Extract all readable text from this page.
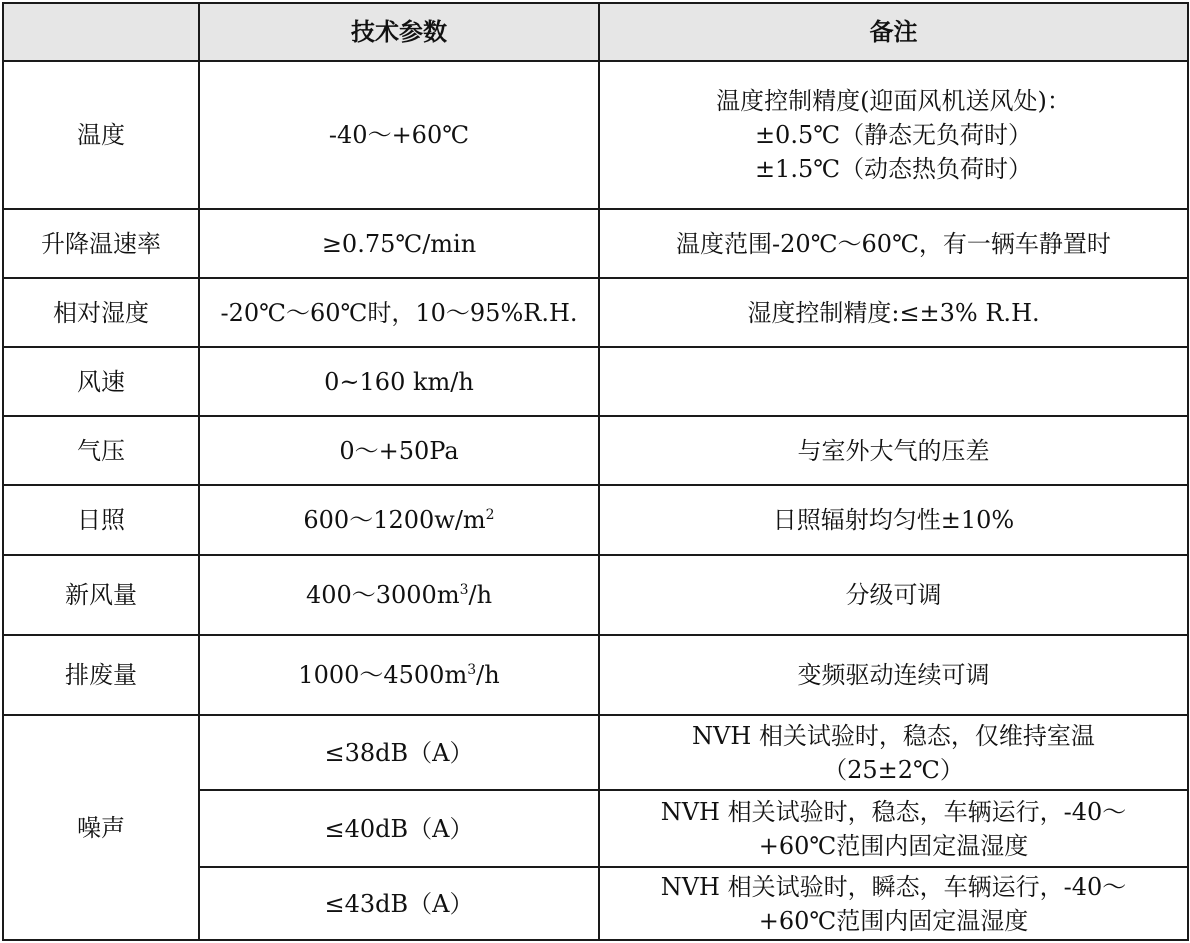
	技术参数	备注
温度	-40～+60℃	温度控制精度(迎面风机送风处)：
±0.5℃（静态无负荷时）
±1.5℃（动态热负荷时）

升降温速率	≥0.75℃/min	温度范围-20℃～60℃，有一辆车静置时
相对湿度	-20℃～60℃时，10～95%R.H.	湿度控制精度:≤±3% R.H.
风速	0~160 km/h	
气压	0～+50Pa	与室外大气的压差
日照	$600\sim 1200w/m^2$	日照辐射均匀性±10%
新风量	$400\sim 3000m^3/h$	分级可调
排废量	$1000\sim 4500m^3/h$	变频驱动连续可调
噪声	≤38dB（A）	NVH 相关试验时，稳态，仅维持室温
（25±2℃）

	≤40dB（A）	NVH 相关试验时，稳态，车辆运行，-40～
+60℃范围内固定温湿度

	≤43dB（A）	NVH 相关试验时，瞬态，车辆运行，-40～
+60℃范围内固定温湿度
